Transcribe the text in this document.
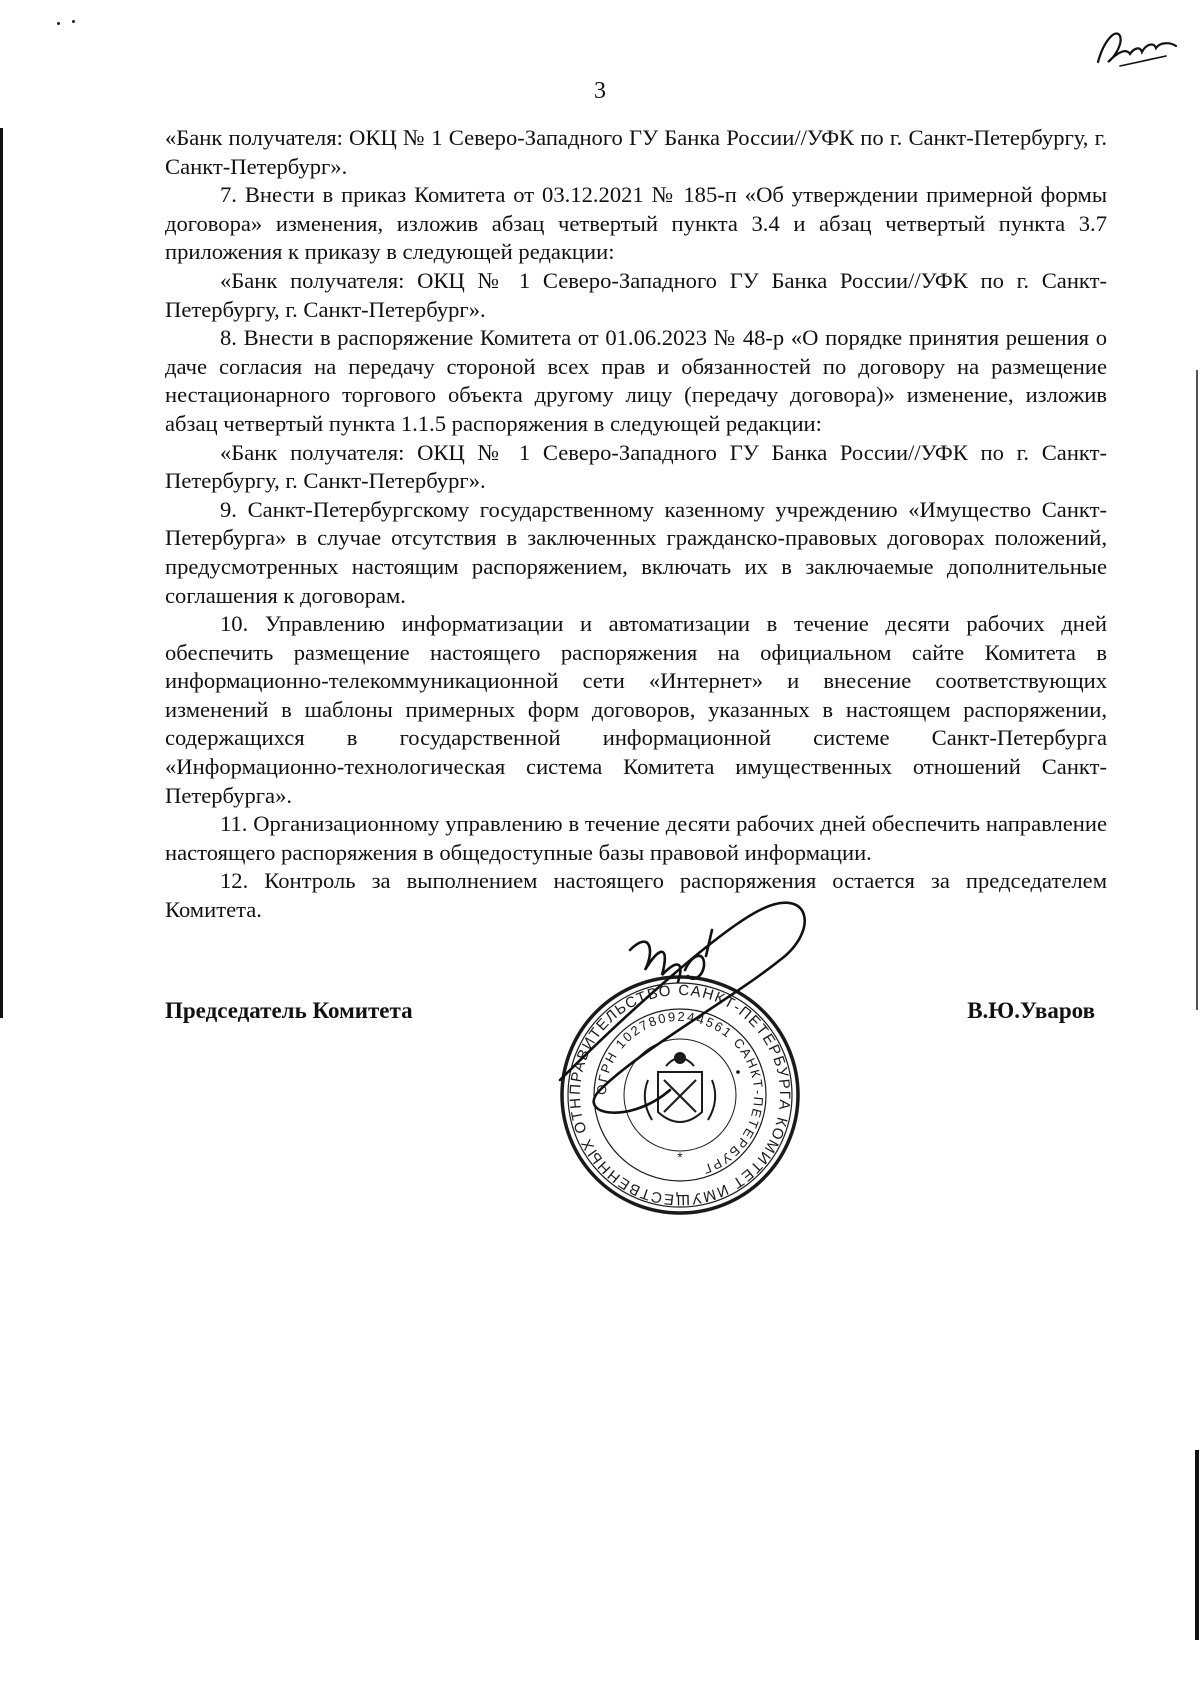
3

«Банк получателя: ОКЦ № 1 Северо-Западного ГУ Банка России//УФК по г. Санкт-Петербургу, г. Санкт-Петербург».

7. Внести в приказ Комитета от 03.12.2021 № 185-п «Об утверждении примерной формы договора» изменения, изложив абзац четвертый пункта 3.4 и абзац четвертый пункта 3.7 приложения к приказу в следующей редакции:

«Банк получателя: ОКЦ № 1 Северо-Западного ГУ Банка России//УФК по г. Санкт-Петербургу, г. Санкт-Петербург».

8. Внести в распоряжение Комитета от 01.06.2023 № 48-р «О порядке принятия решения о даче согласия на передачу стороной всех прав и обязанностей по договору на размещение нестационарного торгового объекта другому лицу (передачу договора)» изменение, изложив абзац четвертый пункта 1.1.5 распоряжения в следующей редакции:

«Банк получателя: ОКЦ № 1 Северо-Западного ГУ Банка России//УФК по г. Санкт-Петербургу, г. Санкт-Петербург».

9. Санкт-Петербургскому государственному казенному учреждению «Имущество Санкт-Петербурга» в случае отсутствия в заключенных гражданско-правовых договорах положений, предусмотренных настоящим распоряжением, включать их в заключаемые дополнительные соглашения к договорам.

10. Управлению информатизации и автоматизации в течение десяти рабочих дней обеспечить размещение настоящего распоряжения на официальном сайте Комитета в информационно-телекоммуникационной сети «Интернет» и внесение соответствующих изменений в шаблоны примерных форм договоров, указанных в настоящем распоряжении, содержащихся в государственной информационной системе Санкт-Петербурга «Информационно-технологическая система Комитета имущественных отношений Санкт-Петербурга».

11. Организационному управлению в течение десяти рабочих дней обеспечить направление настоящего распоряжения в общедоступные базы правовой информации.

12. Контроль за выполнением настоящего распоряжения остается за председателем Комитета.

Председатель Комитета	В.Ю.Уваров
ПРАВИТЕЛЬСТВО САНКТ-ПЕТЕРБУРГА КОМИТЕТ ИМУЩЕСТВЕННЫХ ОТН
ОГРН 1027809244561 САНКТ-ПЕТЕРБУРГ
*
